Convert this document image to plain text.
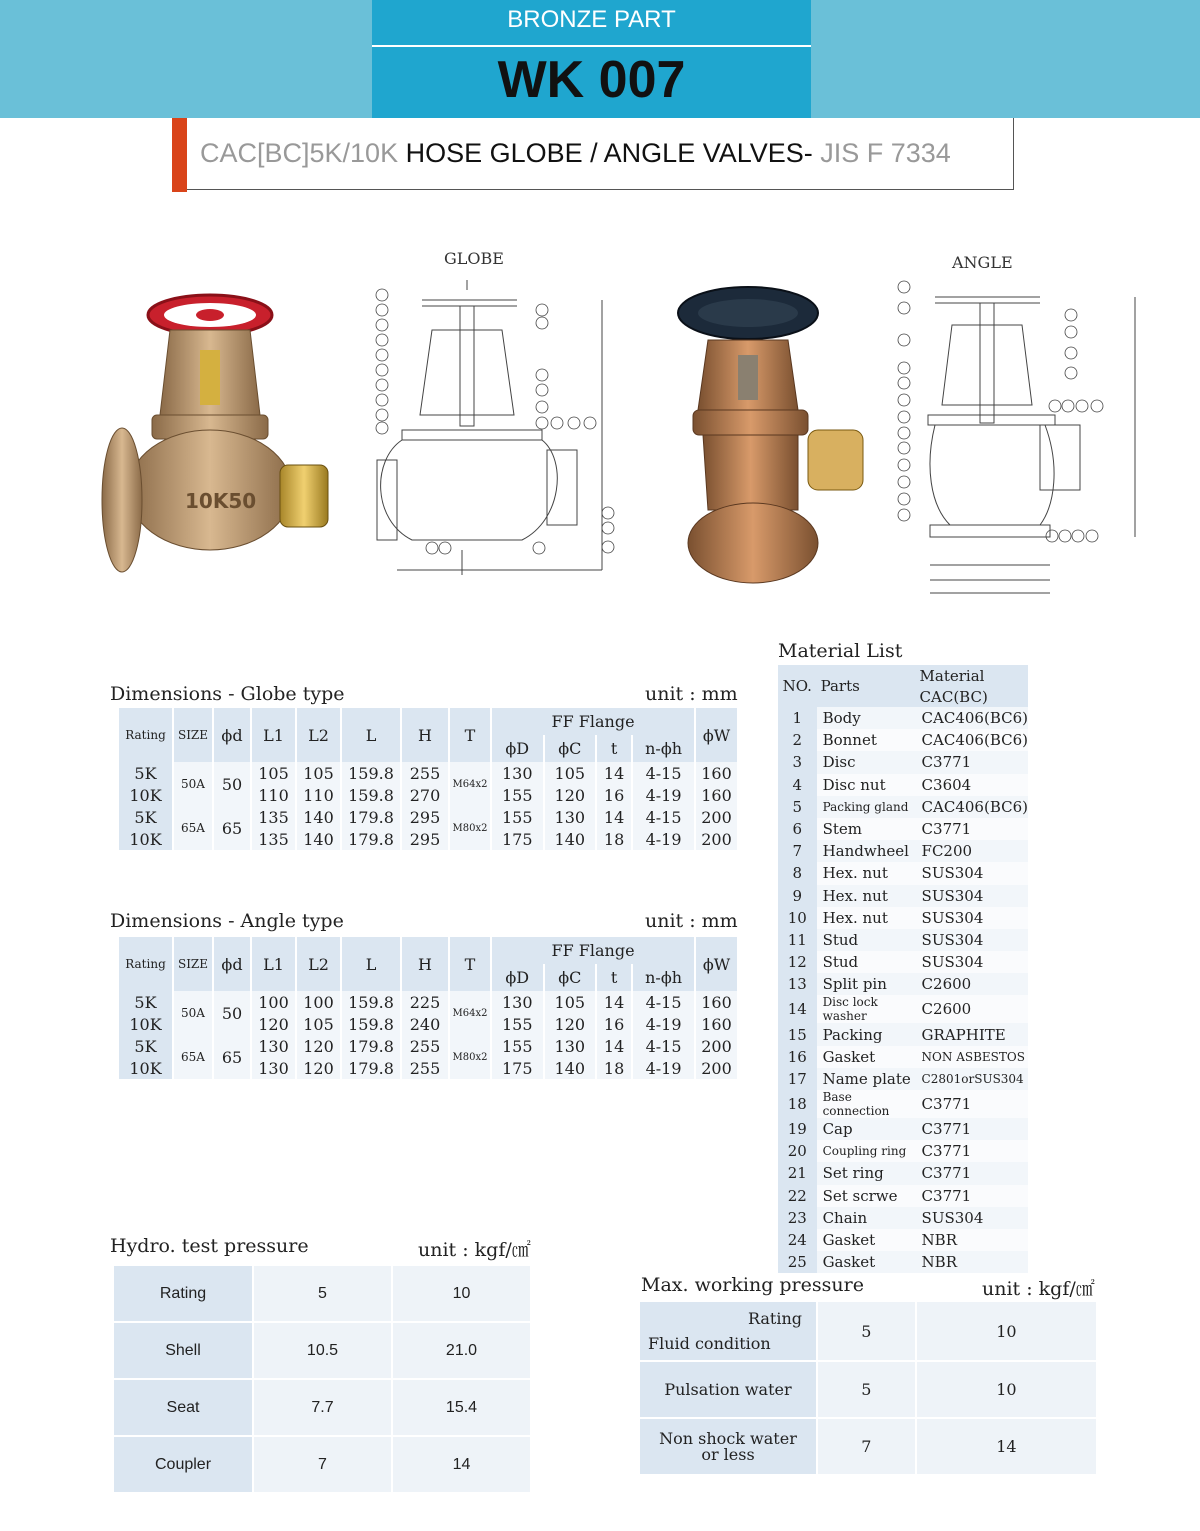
BRONZE PART
WK 007
CAC[BC]5K/10K HOSE GLOBE / ANGLE VALVES- JIS F 7334
10K50
GLOBE	ANGLE
Dimensions - Globe type	unit : mm
Rating	SIZE	ϕd	L1	L2	L	H	T	FF Flange				ϕW
								ϕD	ϕC	t	n-ϕh	
5K	50A	50	105	105	159.8	255	M64x2	130	105	14	4-15	160
10K			110	110	159.8	270		155	120	16	4-19	160
5K	65A	65	135	140	179.8	295	M80x2	155	130	14	4-15	200
10K			135	140	179.8	295		175	140	18	4-19	200
Dimensions - Angle type	unit : mm
Rating	SIZE	ϕd	L1	L2	L	H	T	FF Flange				ϕW
								ϕD	ϕC	t	n-ϕh	
5K	50A	50	100	100	159.8	225	M64x2	130	105	14	4-15	160
10K			120	105	159.8	240		155	120	16	4-19	160
5K	65A	65	130	120	179.8	255	M80x2	155	130	14	4-15	200
10K			130	120	179.8	255		175	140	18	4-19	200
Material List
NO.	Parts	Material
		CAC(BC)
1	Body	CAC406(BC6)
2	Bonnet	CAC406(BC6)
3	Disc	C3771
4	Disc nut	C3604
5	Packing gland	CAC406(BC6)
6	Stem	C3771
7	Handwheel	FC200
8	Hex. nut	SUS304
9	Hex. nut	SUS304
10	Hex. nut	SUS304
11	Stud	SUS304
12	Stud	SUS304
13	Split pin	C2600
14	Disc lock washer	C2600
15	Packing	GRAPHITE
16	Gasket	NON ASBESTOS
17	Name plate	C2801orSUS304
18	Base connection	C3771
19	Cap	C3771
20	Coupling ring	C3771
21	Set ring	C3771
22	Set scrwe	C3771
23	Chain	SUS304
24	Gasket	NBR
25	Gasket	NBR
Hydro. test pressure	unit : kgf/㎠
Rating	5	10
Shell	10.5	21.0
Seat	7.7	15.4
Coupler	7	14
Max. working pressure	unit : kgf/㎠
Rating
Fluid condition	5	10
Pulsation water	5	10
Non shock water or less	7	14
